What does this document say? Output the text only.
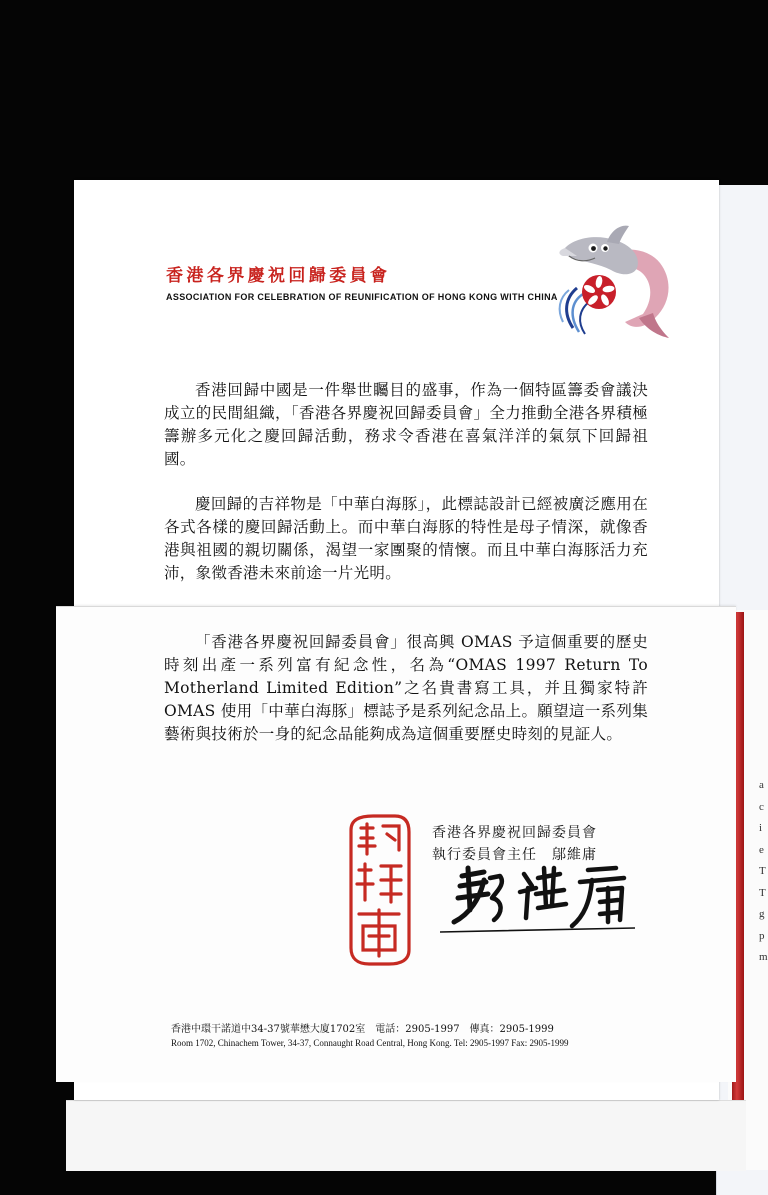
a
c
i
e
T
T
g
p
m
香港各界慶祝回歸委員會
ASSOCIATION FOR CELEBRATION OF REUNIFICATION OF HONG KONG WITH CHINA

香港回歸中國是一件舉世矚目的盛事，作為一個特區籌委會議決成立的民間組織，「香港各界慶祝回歸委員會」全力推動全港各界積極籌辦多元化之慶回歸活動，務求令香港在喜氣洋洋的氣氛下回歸祖國。

慶回歸的吉祥物是「中華白海豚」，此標誌設計已經被廣泛應用在各式各樣的慶回歸活動上。而中華白海豚的特性是母子情深，就像香港與祖國的親切關係，渴望一家團聚的情懷。而且中華白海豚活力充沛，象徵香港未來前途一片光明。

「香港各界慶祝回歸委員會」很高興 OMAS 予這個重要的歷史時刻出產一系列富有紀念性，名為“OMAS 1997 Return To Motherland Limited Edition”之名貴書寫工具，并且獨家特許 OMAS 使用「中華白海豚」標誌予是系列紀念品上。願望這一系列集藝術與技術於一身的紀念品能夠成為這個重要歷史時刻的見証人。

香港各界慶祝回歸委員會
執行委員會主任　鄔維庸
香港中環干諾道中34-37號華懋大廈1702室　電話：2905-1997　傳真：2905-1999
Room 1702, Chinachem Tower, 34-37, Connaught Road Central, Hong Kong. Tel: 2905-1997 Fax: 2905-1999
